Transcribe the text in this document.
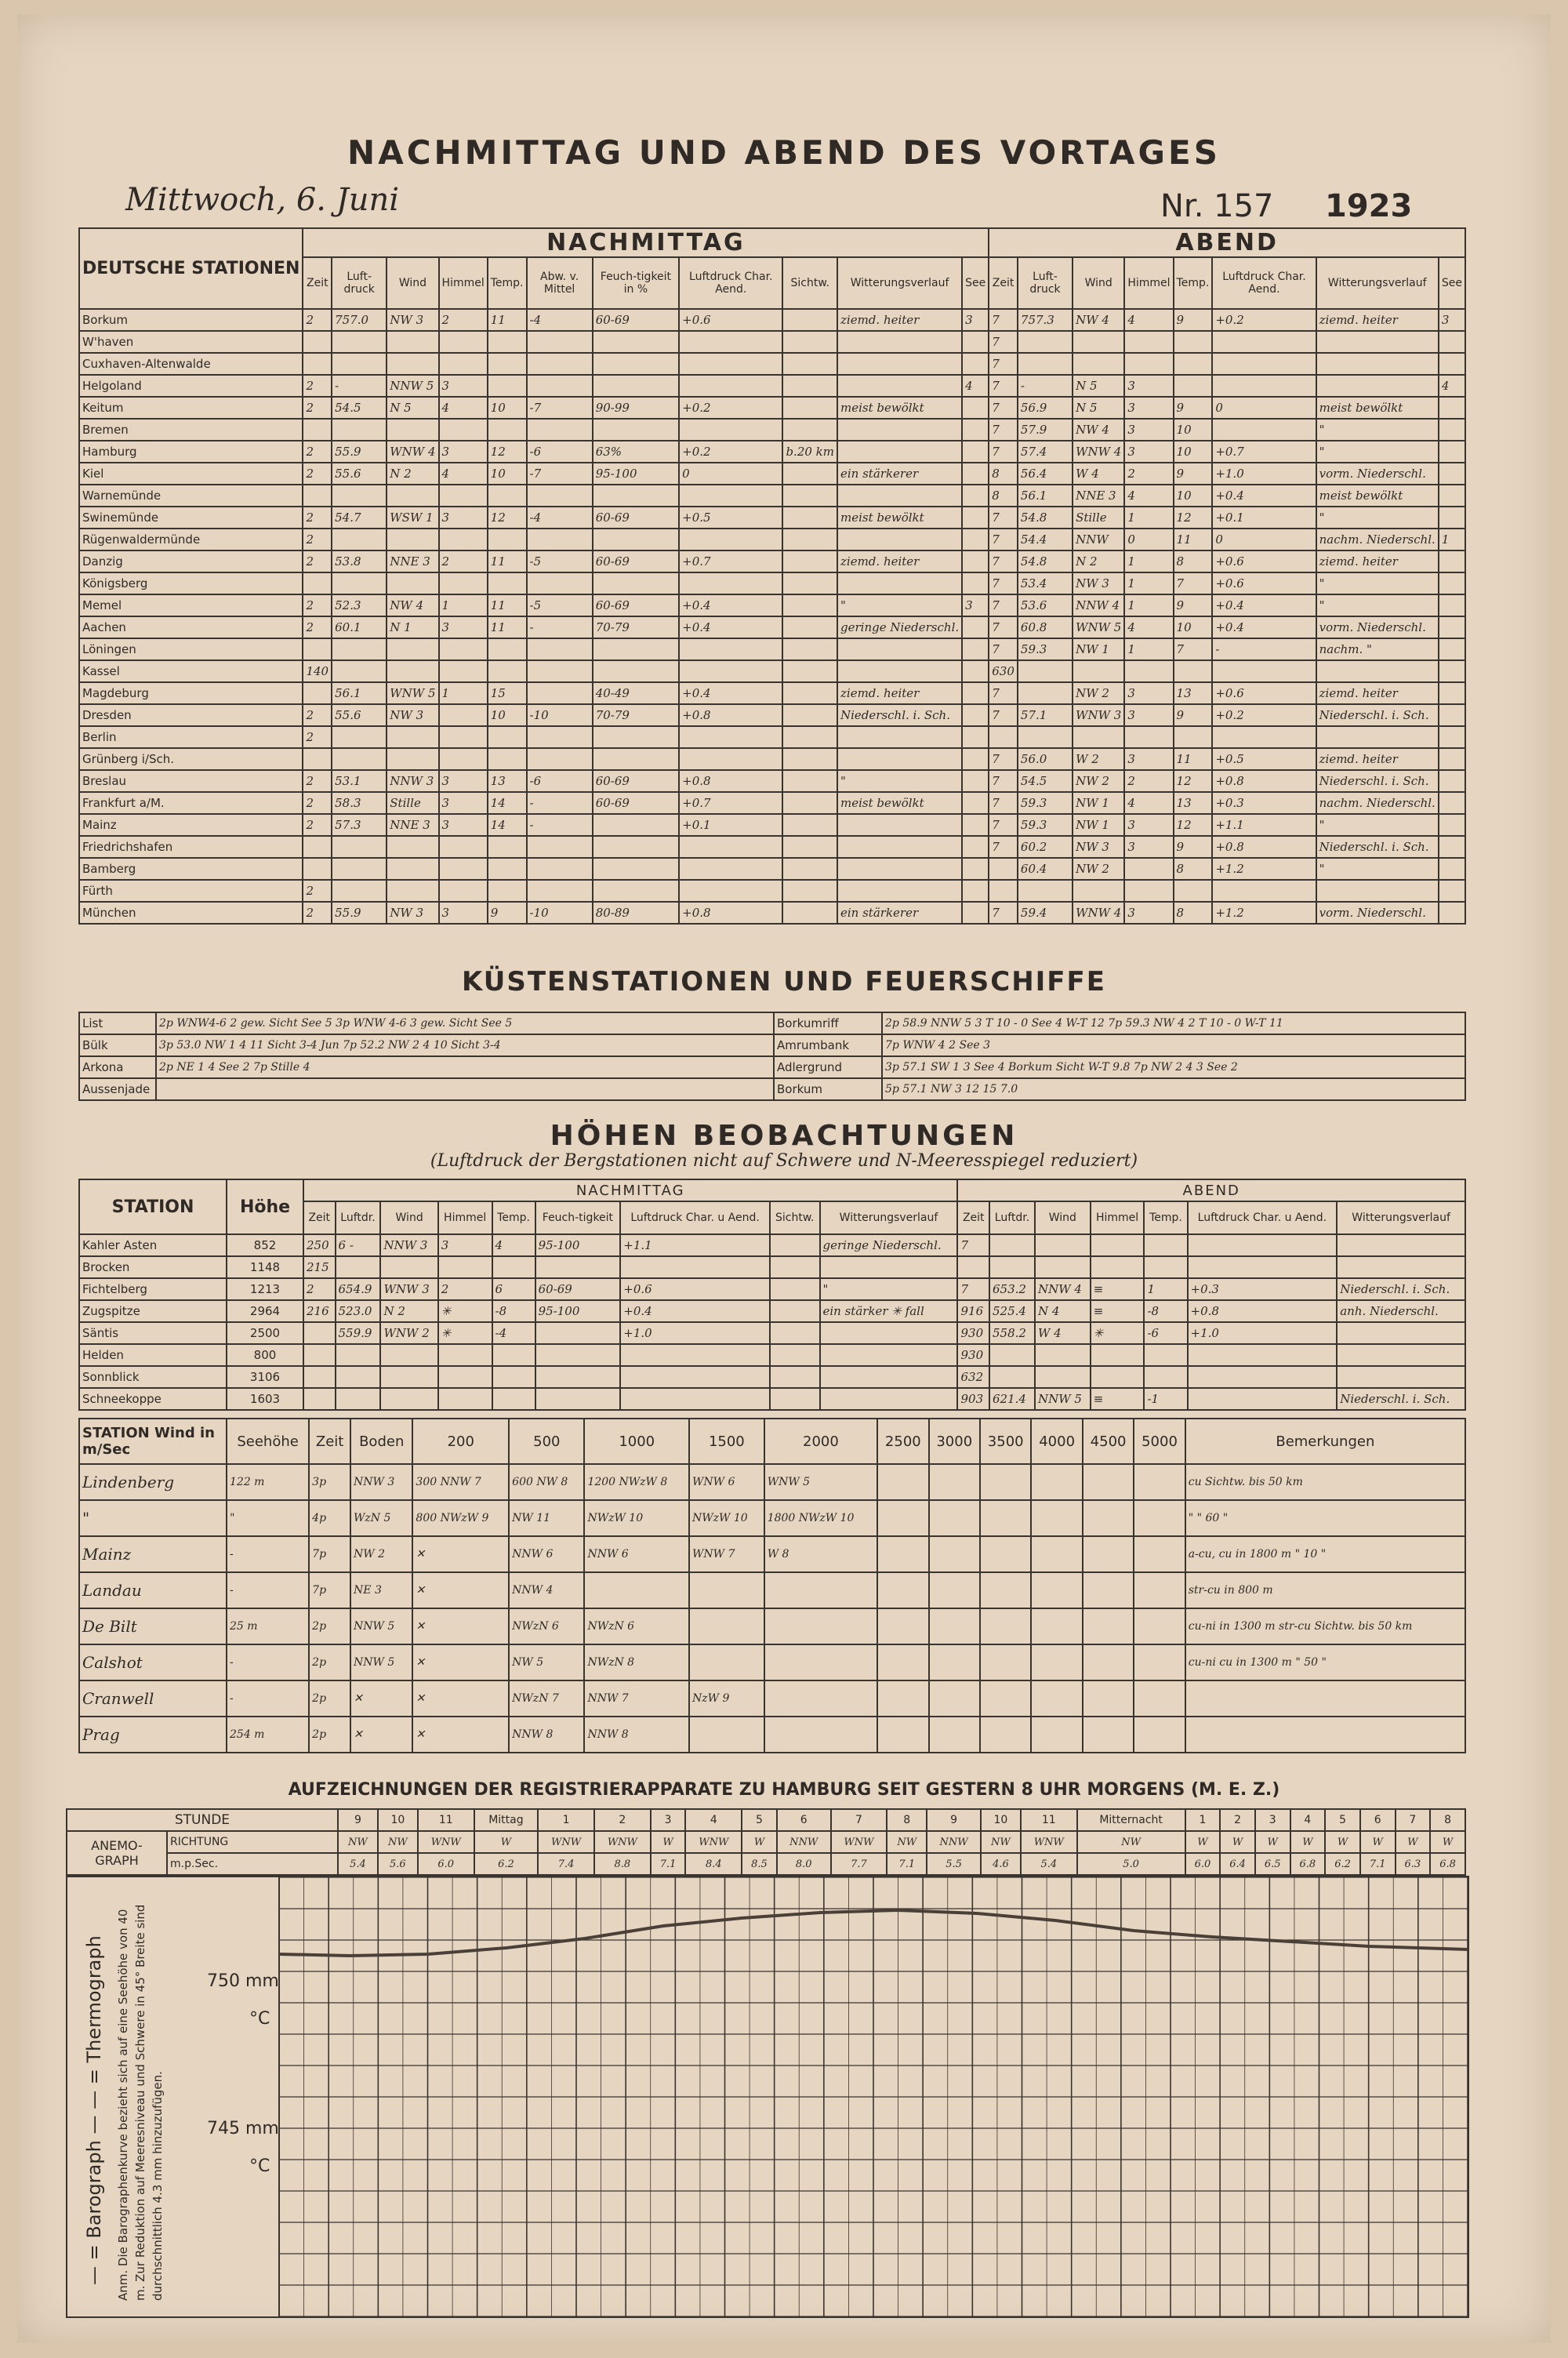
NACHMITTAG UND ABEND DES VORTAGES
Mittwoch, 6. Juni	Nr. 157 1923
DEUTSCHE STATIONEN	NACHMITTAG											ABEND							
	Zeit	Luft-druck	Wind	Himmel	Temp.	Abw. v. Mittel	Feuch-tigkeit in %	Luftdruck Char. Aend.	Sichtw.	Witterungsverlauf	See	Zeit	Luft-druck	Wind	Himmel	Temp.	Luftdruck Char. Aend.	Witterungsverlauf	See
Borkum	2	757.0	NW 3	2	11	-4	60-69	+0.6		ziemd. heiter	3	7	757.3	NW 4	4	9	+0.2	ziemd. heiter	3
W'haven												7							
Cuxhaven-Altenwalde												7							
Helgoland	2	-	NNW 5	3							4	7	-	N 5	3				4
Keitum	2	54.5	N 5	4	10	-7	90-99	+0.2		meist bewölkt		7	56.9	N 5	3	9	0	meist bewölkt	
Bremen												7	57.9	NW 4	3	10		"	
Hamburg	2	55.9	WNW 4	3	12	-6	63%	+0.2	b.20 km			7	57.4	WNW 4	3	10	+0.7	"	
Kiel	2	55.6	N 2	4	10	-7	95-100	0		ein stärkerer		8	56.4	W 4	2	9	+1.0	vorm. Niederschl.	
Warnemünde												8	56.1	NNE 3	4	10	+0.4	meist bewölkt	
Swinemünde	2	54.7	WSW 1	3	12	-4	60-69	+0.5		meist bewölkt		7	54.8	Stille	1	12	+0.1	"	
Rügenwaldermünde	2											7	54.4	NNW	0	11	0	nachm. Niederschl.	1
Danzig	2	53.8	NNE 3	2	11	-5	60-69	+0.7		ziemd. heiter		7	54.8	N 2	1	8	+0.6	ziemd. heiter	
Königsberg												7	53.4	NW 3	1	7	+0.6	"	
Memel	2	52.3	NW 4	1	11	-5	60-69	+0.4		"	3	7	53.6	NNW 4	1	9	+0.4	"	
Aachen	2	60.1	N 1	3	11	-	70-79	+0.4		geringe Niederschl.		7	60.8	WNW 5	4	10	+0.4	vorm. Niederschl.	
Löningen												7	59.3	NW 1	1	7	-	nachm. "	
Kassel	140											630							
Magdeburg		56.1	WNW 5	1	15		40-49	+0.4		ziemd. heiter		7		NW 2	3	13	+0.6	ziemd. heiter	
Dresden	2	55.6	NW 3		10	-10	70-79	+0.8		Niederschl. i. Sch.		7	57.1	WNW 3	3	9	+0.2	Niederschl. i. Sch.	
Berlin	2																		
Grünberg i/Sch.												7	56.0	W 2	3	11	+0.5	ziemd. heiter	
Breslau	2	53.1	NNW 3	3	13	-6	60-69	+0.8		"		7	54.5	NW 2	2	12	+0.8	Niederschl. i. Sch.	
Frankfurt a/M.	2	58.3	Stille	3	14	-	60-69	+0.7		meist bewölkt		7	59.3	NW 1	4	13	+0.3	nachm. Niederschl.	
Mainz	2	57.3	NNE 3	3	14	-		+0.1				7	59.3	NW 1	3	12	+1.1	"	
Friedrichshafen												7	60.2	NW 3	3	9	+0.8	Niederschl. i. Sch.	
Bamberg													60.4	NW 2		8	+1.2	"	
Fürth	2																		
München	2	55.9	NW 3	3	9	-10	80-89	+0.8		ein stärkerer		7	59.4	WNW 4	3	8	+1.2	vorm. Niederschl.	
KÜSTENSTATIONEN UND FEUERSCHIFFE
List	2p WNW4-6 2 gew. Sicht See 5 3p WNW 4-6 3 gew. Sicht See 5	Borkumriff	2p 58.9 NNW 5 3 T 10 - 0 See 4 W-T 12 7p 59.3 NW 4 2 T 10 - 0 W-T 11
Bülk	3p 53.0 NW 1 4 11 Sicht 3-4 Jun 7p 52.2 NW 2 4 10 Sicht 3-4	Amrumbank	7p WNW 4 2 See 3
Arkona	2p NE 1 4 See 2 7p Stille 4	Adlergrund	3p 57.1 SW 1 3 See 4 Borkum Sicht W-T 9.8 7p NW 2 4 3 See 2
Aussenjade		Borkum	5p 57.1 NW 3 12 15 7.0
HÖHEN BEOBACHTUNGEN
(Luftdruck der Bergstationen nicht auf Schwere und N-Meeresspiegel reduziert)
STATION	Höhe	NACHMITTAG									ABEND						
		Zeit	Luftdr.	Wind	Himmel	Temp.	Feuch-tigkeit	Luftdruck Char. u Aend.	Sichtw.	Witterungsverlauf	Zeit	Luftdr.	Wind	Himmel	Temp.	Luftdruck Char. u Aend.	Witterungsverlauf
Kahler Asten	852	250	6 -	NNW 3	3	4	95-100	+1.1		geringe Niederschl.	7						
Brocken	1148	215															
Fichtelberg	1213	2	654.9	WNW 3	2	6	60-69	+0.6		"	7	653.2	NNW 4	≡	1	+0.3	Niederschl. i. Sch.
Zugspitze	2964	216	523.0	N 2	✳	-8	95-100	+0.4		ein stärker ✳ fall	916	525.4	N 4	≡	-8	+0.8	anh. Niederschl.
Säntis	2500		559.9	WNW 2	✳	-4		+1.0			930	558.2	W 4	✳	-6	+1.0	
Helden	800										930						
Sonnblick	3106										632						
Schneekoppe	1603										903	621.4	NNW 5	≡	-1		Niederschl. i. Sch.
STATION Wind in m/Sec	Seehöhe	Zeit	Boden	200	500	1000	1500	2000	2500	3000	3500	4000	4500	5000	Bemerkungen
Lindenberg	122 m	3p	NNW 3	300 NNW 7	600 NW 8	1200 NWzW 8	WNW 6	WNW 5							cu Sichtw. bis 50 km
"	"	4p	WzN 5	800 NWzW 9	NW 11	NWzW 10	NWzW 10	1800 NWzW 10							" " 60 "
Mainz	-	7p	NW 2	✕	NNW 6	NNW 6	WNW 7	W 8							a-cu, cu in 1800 m " 10 "
Landau	-	7p	NE 3	✕	NNW 4										str-cu in 800 m
De Bilt	25 m	2p	NNW 5	✕	NWzN 6	NWzN 6									cu-ni in 1300 m str-cu Sichtw. bis 50 km
Calshot	-	2p	NNW 5	✕	NW 5	NWzN 8									cu-ni cu in 1300 m " 50 "
Cranwell	-	2p	✕	✕	NWzN 7	NNW 7	NzW 9								
Prag	254 m	2p	✕	✕	NNW 8	NNW 8									
AUFZEICHNUNGEN DER REGISTRIERAPPARATE ZU HAMBURG SEIT GESTERN 8 UHR MORGENS (M. E. Z.)
STUNDE		9	10	11	Mittag	1	2	3	4	5	6	7	8	9	10	11	Mitternacht	1	2	3	4	5	6	7	8
ANEMO-GRAPH	RICHTUNG	NW	NW	WNW	W	WNW	WNW	W	WNW	W	NNW	WNW	NW	NNW	NW	WNW	NW	W	W	W	W	W	W	W	W
	m.p.Sec.	5.4	5.6	6.0	6.2	7.4	8.8	7.1	8.4	8.5	8.0	7.7	7.1	5.5	4.6	5.4	5.0	6.0	6.4	6.5	6.8	6.2	7.1	6.3	6.8
750 mm
°C
745 mm
°C
— = Barograph — — = Thermograph Anm. Die Barographenkurve bezieht sich auf eine Seehöhe von 40 m. Zur Reduktion auf Meeresniveau und Schwere in 45° Breite sind durchschnittlich 4.3 mm hinzuzufügen.
